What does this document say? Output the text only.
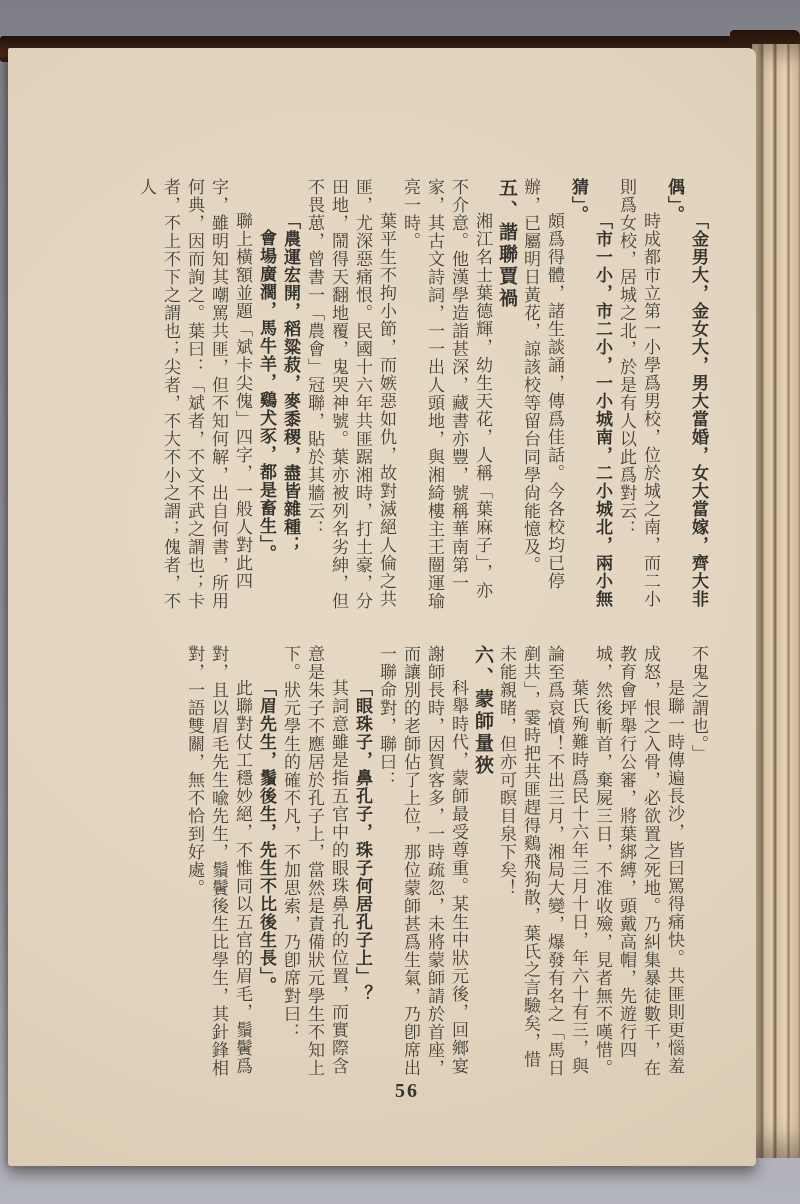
「金男大，金女大，男大當婚，女大當嫁，齊大非偶」。

時成都市立第一小學爲男校，位於城之南，而二小則爲女校，居城之北，於是有人以此爲對云：

「市一小，市二小，一小城南，二小城北，兩小無猜」。

頗爲得體，諸生談誦，傳爲佳話。今各校均已停辦，已屬明日黃花，諒該校等留台同學尙能憶及。

五、諧聯賈禍

湘江名士葉德輝，幼生天花，人稱「葉麻子」，亦不介意。他漢學造詣甚深，藏書亦豐，號稱華南第一家，其古文詩詞，一一出人頭地，與湘綺樓主王闓運瑜亮一時。

葉平生不拘小節，而嫉惡如仇，故對滅絕人倫之共匪，尤深惡痛恨。民國十六年共匪踞湘時，打土豪，分田地，鬧得天翻地覆，鬼哭神號。葉亦被列名劣紳，但不畏葸，曾書一「農會」冠聯，貼於其牆云：

「農運宏開，稻粱菽，麥黍稷，盡皆雜種；

會場廣濶，馬牛羊，鷄犬豕，都是畜生」。

聯上橫額並題「斌卡尖傀」四字，一般人對此四字，雖明知其嘲罵共匪，但不知何解，出自何書，所用何典，因而詢之。葉曰：「斌者，不文不武之謂也；卡者，不上不下之謂也；尖者，不大不小之謂；傀者，不人

不鬼之謂也。」

是聯一時傳遍長沙，皆曰罵得痛快。共匪則更惱羞成怒，恨之入骨，必欲置之死地。乃糾集暴徒數千，在教育會坪舉行公審，將葉綁縛，頭戴高帽，先遊行四城，然後斬首，棄屍三日，不准收殮，見者無不嘆惜。

葉氏殉難時爲民十六年三月十日，年六十有三，與論至爲哀憤！不出三月，湘局大變，爆發有名之「馬日剷共」，霎時把共匪趕得鷄飛狗散，葉氏之言驗矣，惜未能親睹，但亦可瞑目泉下矣！

六、蒙師量狹

科舉時代，蒙師最受尊重。某生中狀元後，回鄉宴謝師長時，因賀客多，一時疏忽，未將蒙師請於首座，而讓別的老師佔了上位，那位蒙師甚爲生氣，乃卽席出一聯命對，聯曰：

「眼珠子，鼻孔子，珠子何居孔子上」？

其詞意雖是指五官中的眼珠鼻孔的位置，而實際含意是朱子不應居於孔子上，當然是責備狀元學生不知上下。狀元學生的確不凡，不加思索，乃卽席對曰：

「眉先生，鬚後生，先生不比後生長」。

此聯對仗工穩妙絕，不惟同以五官的眉毛，鬚鬢爲對，且以眉毛先生喩先生，鬚鬢後生比學生，其針鋒相對，一語雙關，無不恰到好處。

56
